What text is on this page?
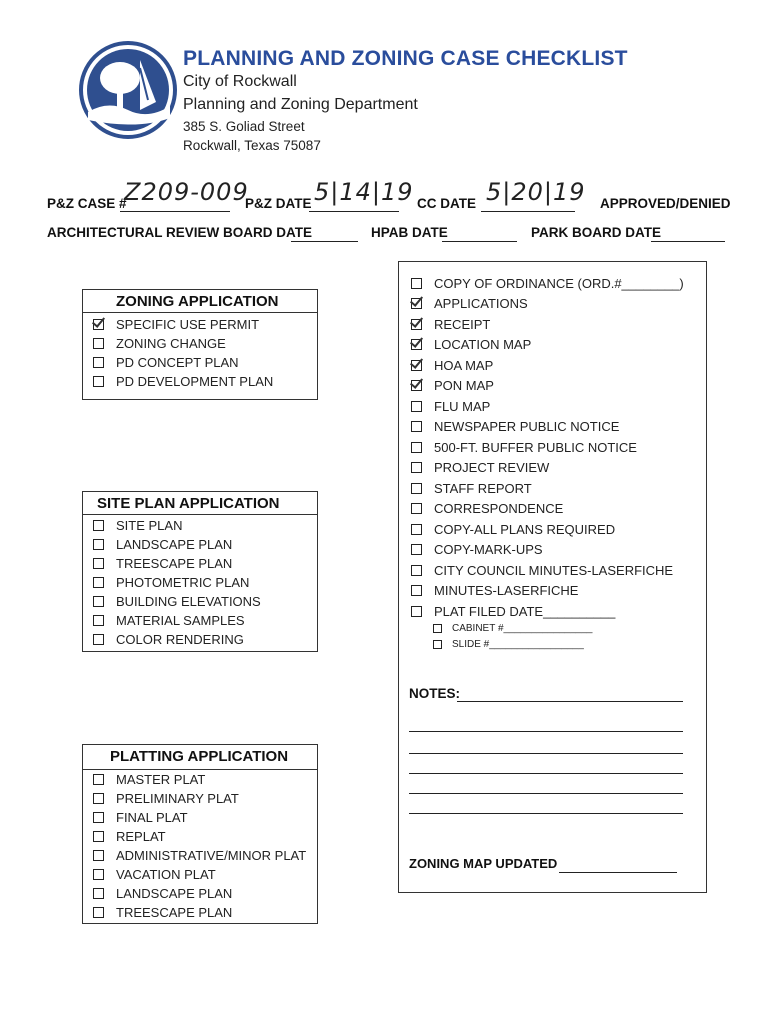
PLANNING AND ZONING CASE CHECKLIST
City of Rockwall
Planning and Zoning Department
385 S. Goliad Street
Rockwall, Texas 75087
P&Z CASE #
Z209-009
P&Z DATE 5|14|19 CC DATE 5|20|19 APPROVED/DENIED
ARCHITECTURAL REVIEW BOARD DATE	HPAB DATE	PARK BOARD DATE
ZONING APPLICATION
SPECIFIC USE PERMIT
ZONING CHANGE
PD CONCEPT PLAN
PD DEVELOPMENT PLAN
SITE PLAN APPLICATION
SITE PLAN
LANDSCAPE PLAN
TREESCAPE PLAN
PHOTOMETRIC PLAN
BUILDING ELEVATIONS
MATERIAL SAMPLES
COLOR RENDERING
PLATTING APPLICATION
MASTER PLAT
PRELIMINARY PLAT
FINAL PLAT
REPLAT
ADMINISTRATIVE/MINOR PLAT
VACATION PLAT
LANDSCAPE PLAN
TREESCAPE PLAN
COPY OF ORDINANCE (ORD.#________)
APPLICATIONS
RECEIPT
LOCATION MAP
HOA MAP
PON MAP
FLU MAP
NEWSPAPER PUBLIC NOTICE
500-FT. BUFFER PUBLIC NOTICE
PROJECT REVIEW
STAFF REPORT
CORRESPONDENCE
COPY-ALL PLANS REQUIRED
COPY-MARK-UPS
CITY COUNCIL MINUTES-LASERFICHE
MINUTES-LASERFICHE
PLAT FILED DATE__________
CABINET #________________
SLIDE #_________________
NOTES:
ZONING MAP UPDATED
